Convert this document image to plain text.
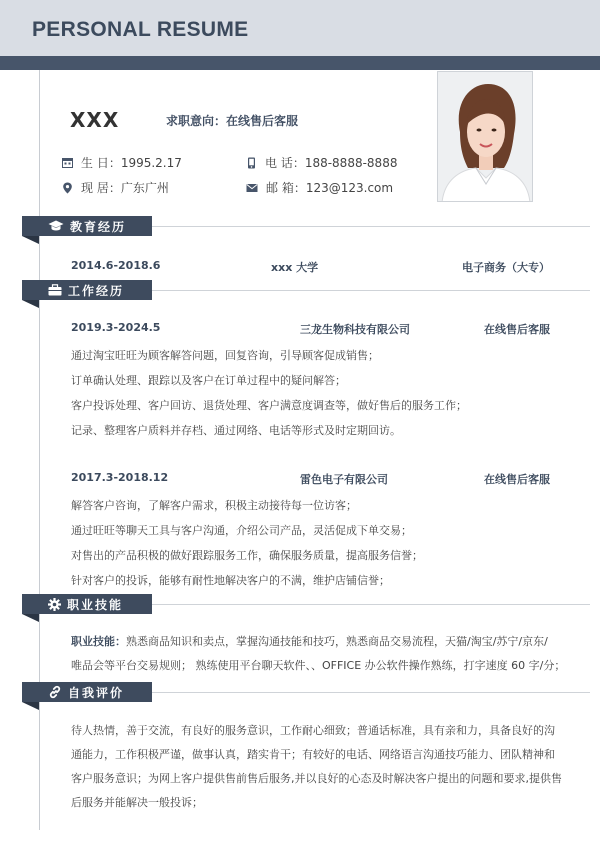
PERSONAL RESUME
XXX	求职意向：在线售后客服
生 日：1995.2.17	电 话：188-8888-8888
现 居：广东广州	邮 箱：123@123.com
教育经历
2014.6-2018.6	xxx 大学	电子商务（大专）
工作经历
2019.3-2024.5	三龙生物科技有限公司	在线售后客服
通过淘宝旺旺为顾客解答问题，回复咨询，引导顾客促成销售；
订单确认处理、跟踪以及客户在订单过程中的疑问解答；
客户投诉处理、客户回访、退货处理、客户满意度调查等，做好售后的服务工作；
记录、整理客户质料并存档、通过网络、电话等形式及时定期回访。
2017.3-2018.12	雷色电子有限公司	在线售后客服
解答客户咨询，了解客户需求，积极主动接待每一位访客；
通过旺旺等聊天工具与客户沟通，介绍公司产品，灵活促成下单交易；
对售出的产品积极的做好跟踪服务工作，确保服务质量，提高服务信誉；
针对客户的投诉，能够有耐性地解决客户的不满，维护店铺信誉；
职业技能
职业技能：熟悉商品知识和卖点，掌握沟通技能和技巧，熟悉商品交易流程，天猫/淘宝/苏宁/京东/
唯品会等平台交易规则； 熟练使用平台聊天软件、、OFFICE 办公软件操作熟练，打字速度 60 字/分；
自我评价
待人热情，善于交流，有良好的服务意识，工作耐心细致；普通话标准，具有亲和力，具备良好的沟
通能力，工作积极严谨，做事认真，踏实肯干；有较好的电话、网络语言沟通技巧能力、团队精神和
客户服务意识；为网上客户提供售前售后服务,并以良好的心态及时解决客户提出的问题和要求,提供售
后服务并能解决一般投诉；
